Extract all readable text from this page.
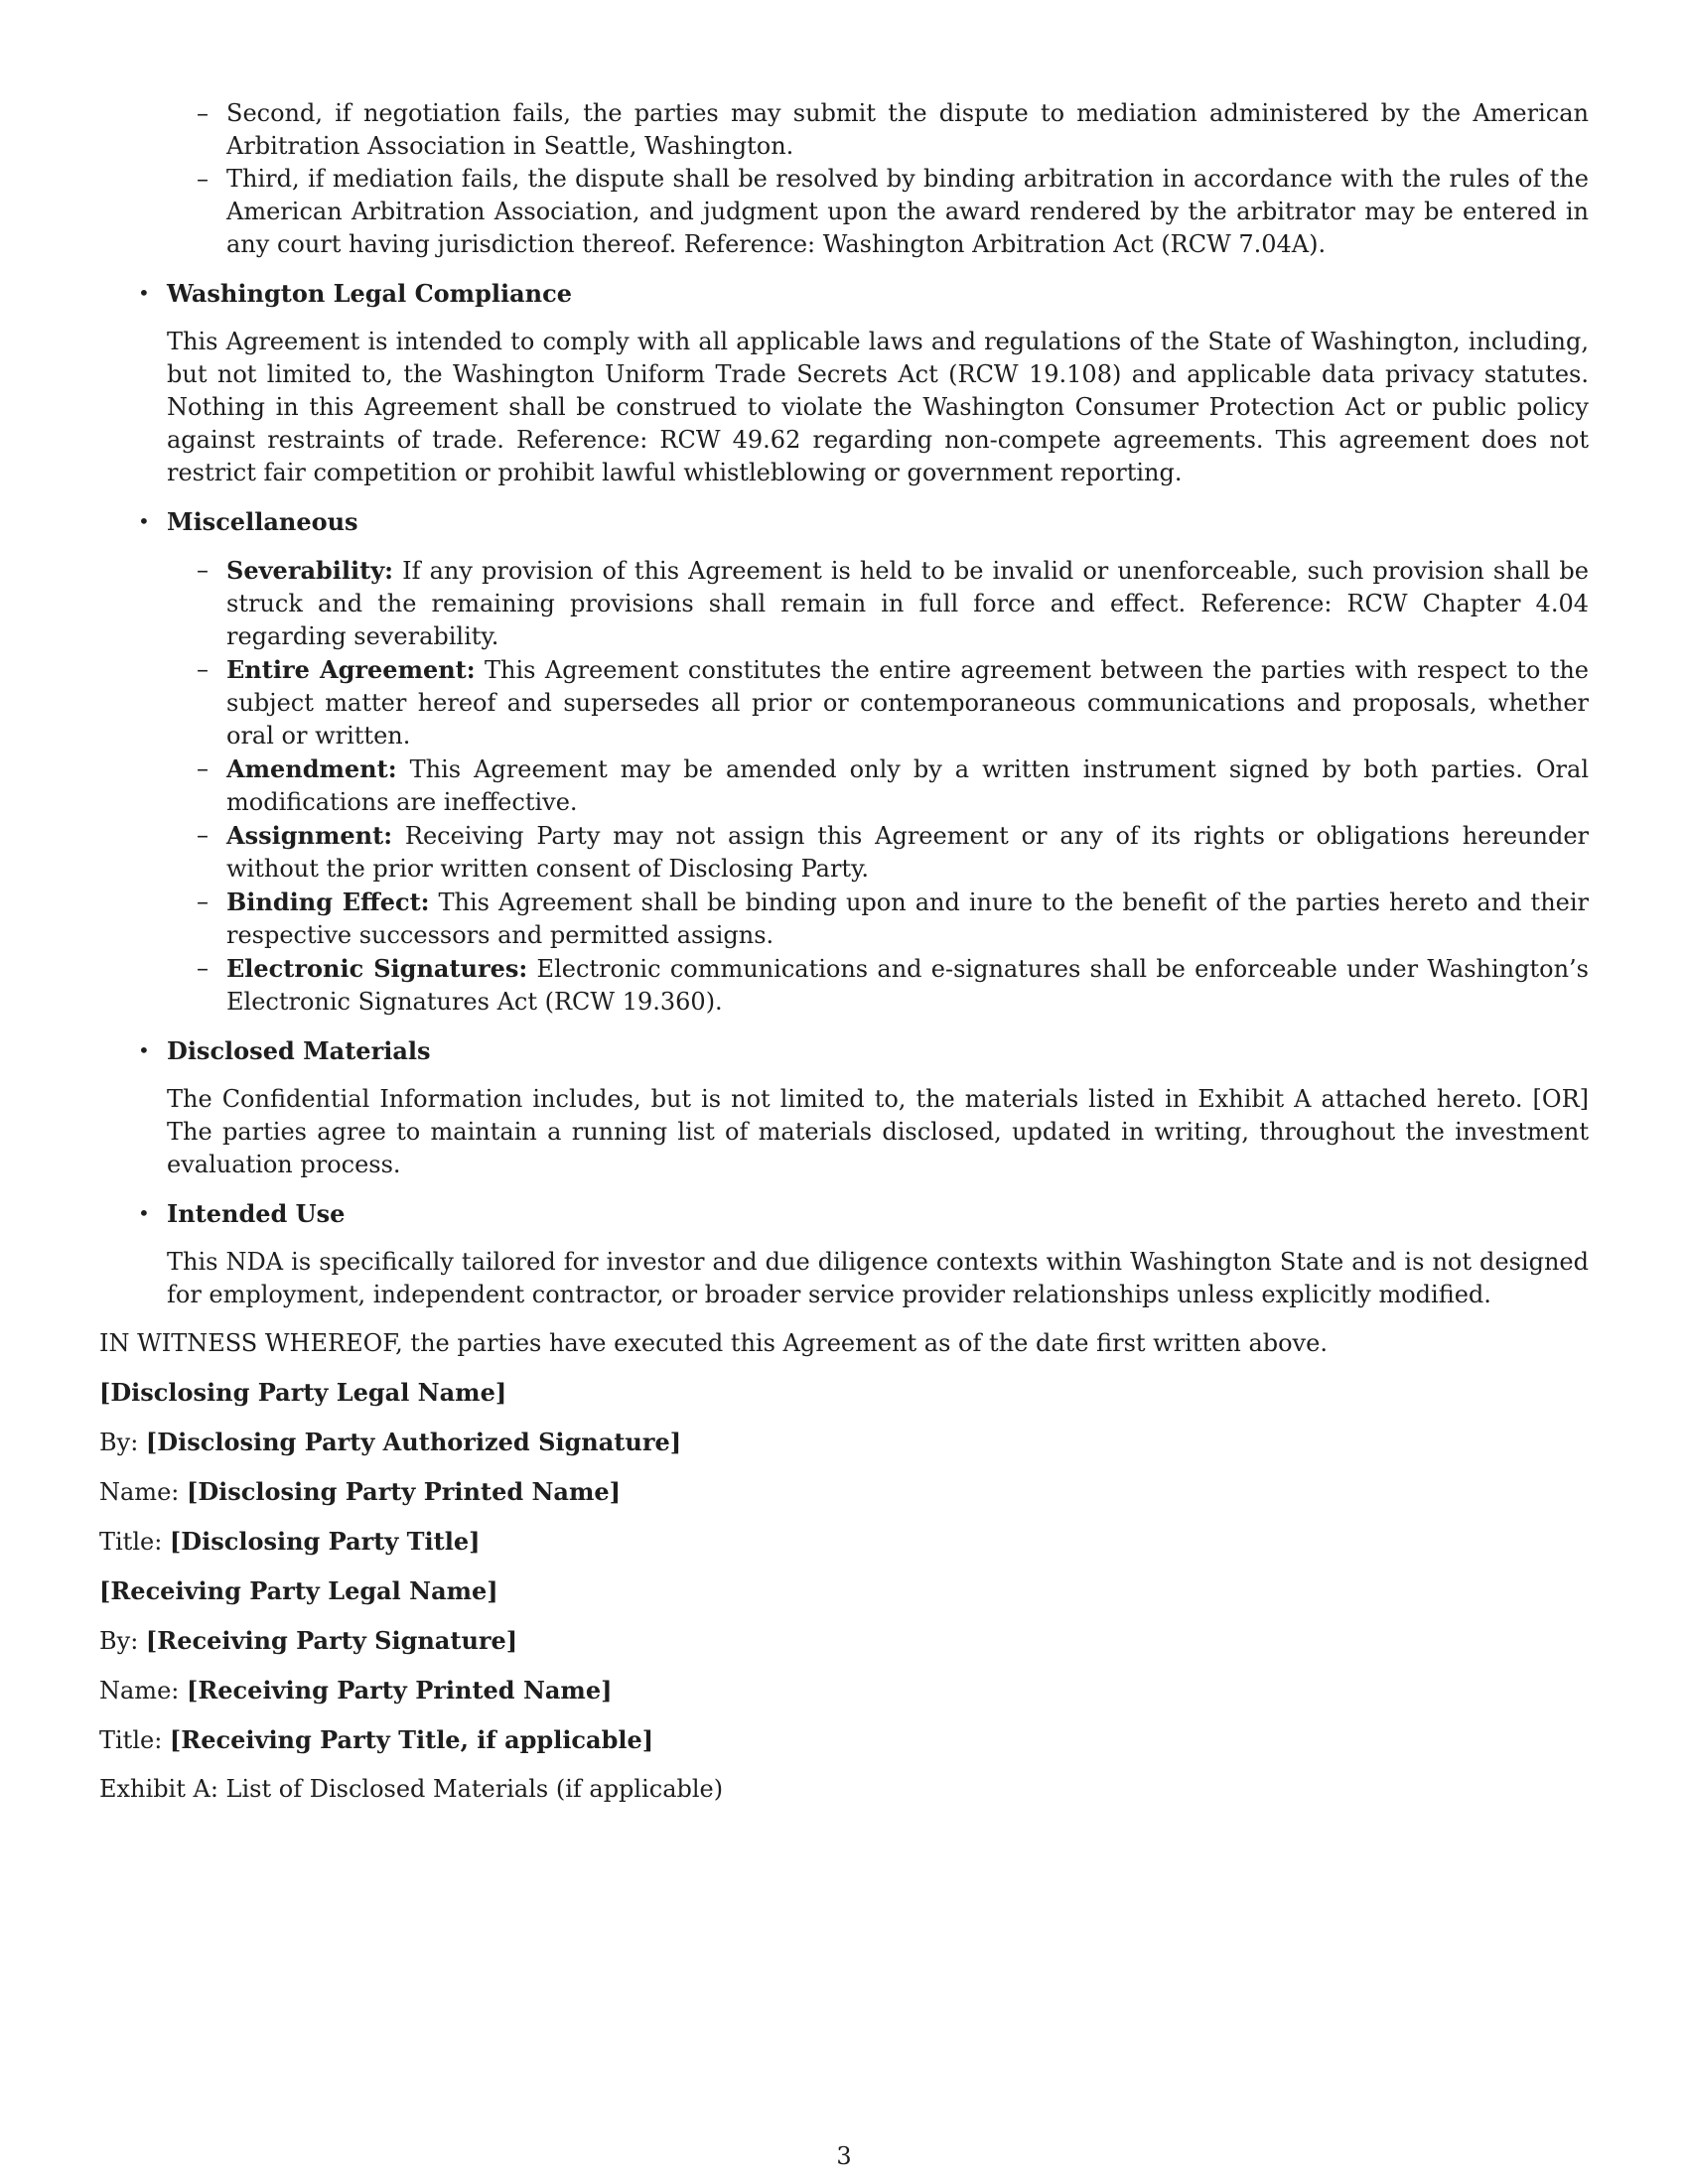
– Second, if negotiation fails, the parties may submit the dispute to mediation administered by the American Arbitration Association in Seattle, Washington.
– Third, if mediation fails, the dispute shall be resolved by binding arbitration in accordance with the rules of the American Arbitration Association, and judgment upon the award rendered by the arbitrator may be entered in any court having jurisdiction thereof. Reference: Washington Arbitration Act (RCW 7.04A).
• Washington Legal Compliance

This Agreement is intended to comply with all applicable laws and regulations of the State of Washington, including, but not limited to, the Washington Uniform Trade Secrets Act (RCW 19.108) and applicable data privacy statutes. Nothing in this Agreement shall be construed to violate the Washington Consumer Protection Act or public policy against restraints of trade. Reference: RCW 49.62 regarding non-compete agreements. This agreement does not restrict fair competition or prohibit lawful whistleblowing or government reporting.

• Miscellaneous
– Severability: If any provision of this Agreement is held to be invalid or unenforceable, such provision shall be struck and the remaining provisions shall remain in full force and effect. Reference: RCW Chapter 4.04 regarding severability.
– Entire Agreement: This Agreement constitutes the entire agreement between the parties with respect to the subject matter hereof and supersedes all prior or contemporaneous communications and proposals, whether oral or written.
– Amendment: This Agreement may be amended only by a written instrument signed by both parties. Oral modifications are ineffective.
– Assignment: Receiving Party may not assign this Agreement or any of its rights or obligations hereunder without the prior written consent of Disclosing Party.
– Binding Effect: This Agreement shall be binding upon and inure to the benefit of the parties hereto and their respective successors and permitted assigns.
– Electronic Signatures: Electronic communications and e-signatures shall be enforceable under Washington’s Electronic Signatures Act (RCW 19.360).
• Disclosed Materials

The Confidential Information includes, but is not limited to, the materials listed in Exhibit A attached hereto. [OR] The parties agree to maintain a running list of materials disclosed, updated in writing, throughout the investment evaluation process.

• Intended Use

This NDA is specifically tailored for investor and due diligence contexts within Washington State and is not designed for employment, independent contractor, or broader service provider relationships unless explicitly modified.

IN WITNESS WHEREOF, the parties have executed this Agreement as of the date first written above.

[Disclosing Party Legal Name]

By: [Disclosing Party Authorized Signature]

Name: [Disclosing Party Printed Name]

Title: [Disclosing Party Title]

[Receiving Party Legal Name]

By: [Receiving Party Signature]

Name: [Receiving Party Printed Name]

Title: [Receiving Party Title, if applicable]

Exhibit A: List of Disclosed Materials (if applicable)

3
